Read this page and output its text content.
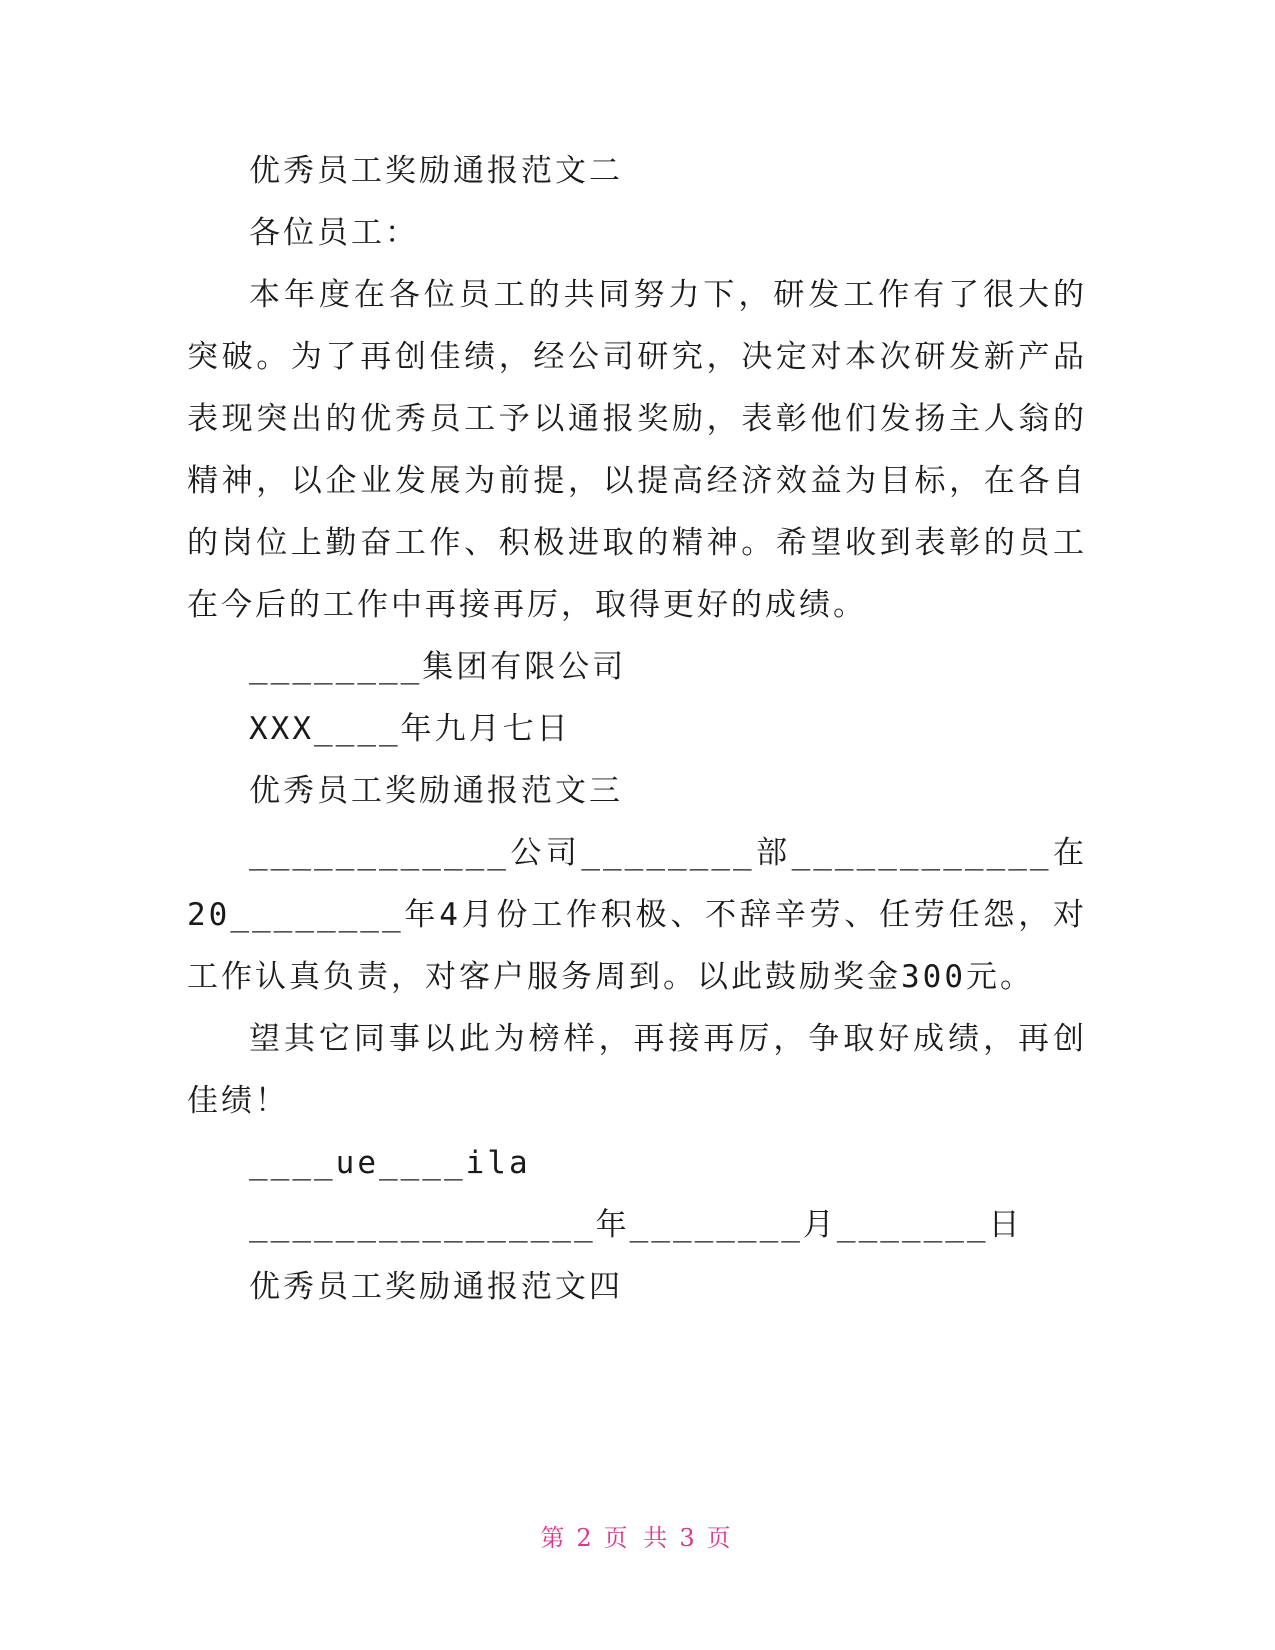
优秀员工奖励通报范文二
各位员工：

本年度在各位员工的共同努力下，研发工作有了很大的突破。为了再创佳绩，经公司研究，决定对本次研发新产品表现突出的优秀员工予以通报奖励，表彰他们发扬主人翁的精神，以企业发展为前提，以提高经济效益为目标，在各自的岗位上勤奋工作、积极进取的精神。希望收到表彰的员工在今后的工作中再接再厉，取得更好的成绩。

________集团有限公司
XXX____年九月七日
优秀员工奖励通报范文三

____________公司________部____________在20________年4月份工作积极、不辞辛劳、任劳任怨，对工作认真负责，对客户服务周到。以此鼓励奖金300元。

望其它同事以此为榜样，再接再厉，争取好成绩，再创佳绩！

____ue____ila
________________年________月_______日
优秀员工奖励通报范文四
第 2 页 共 3 页
